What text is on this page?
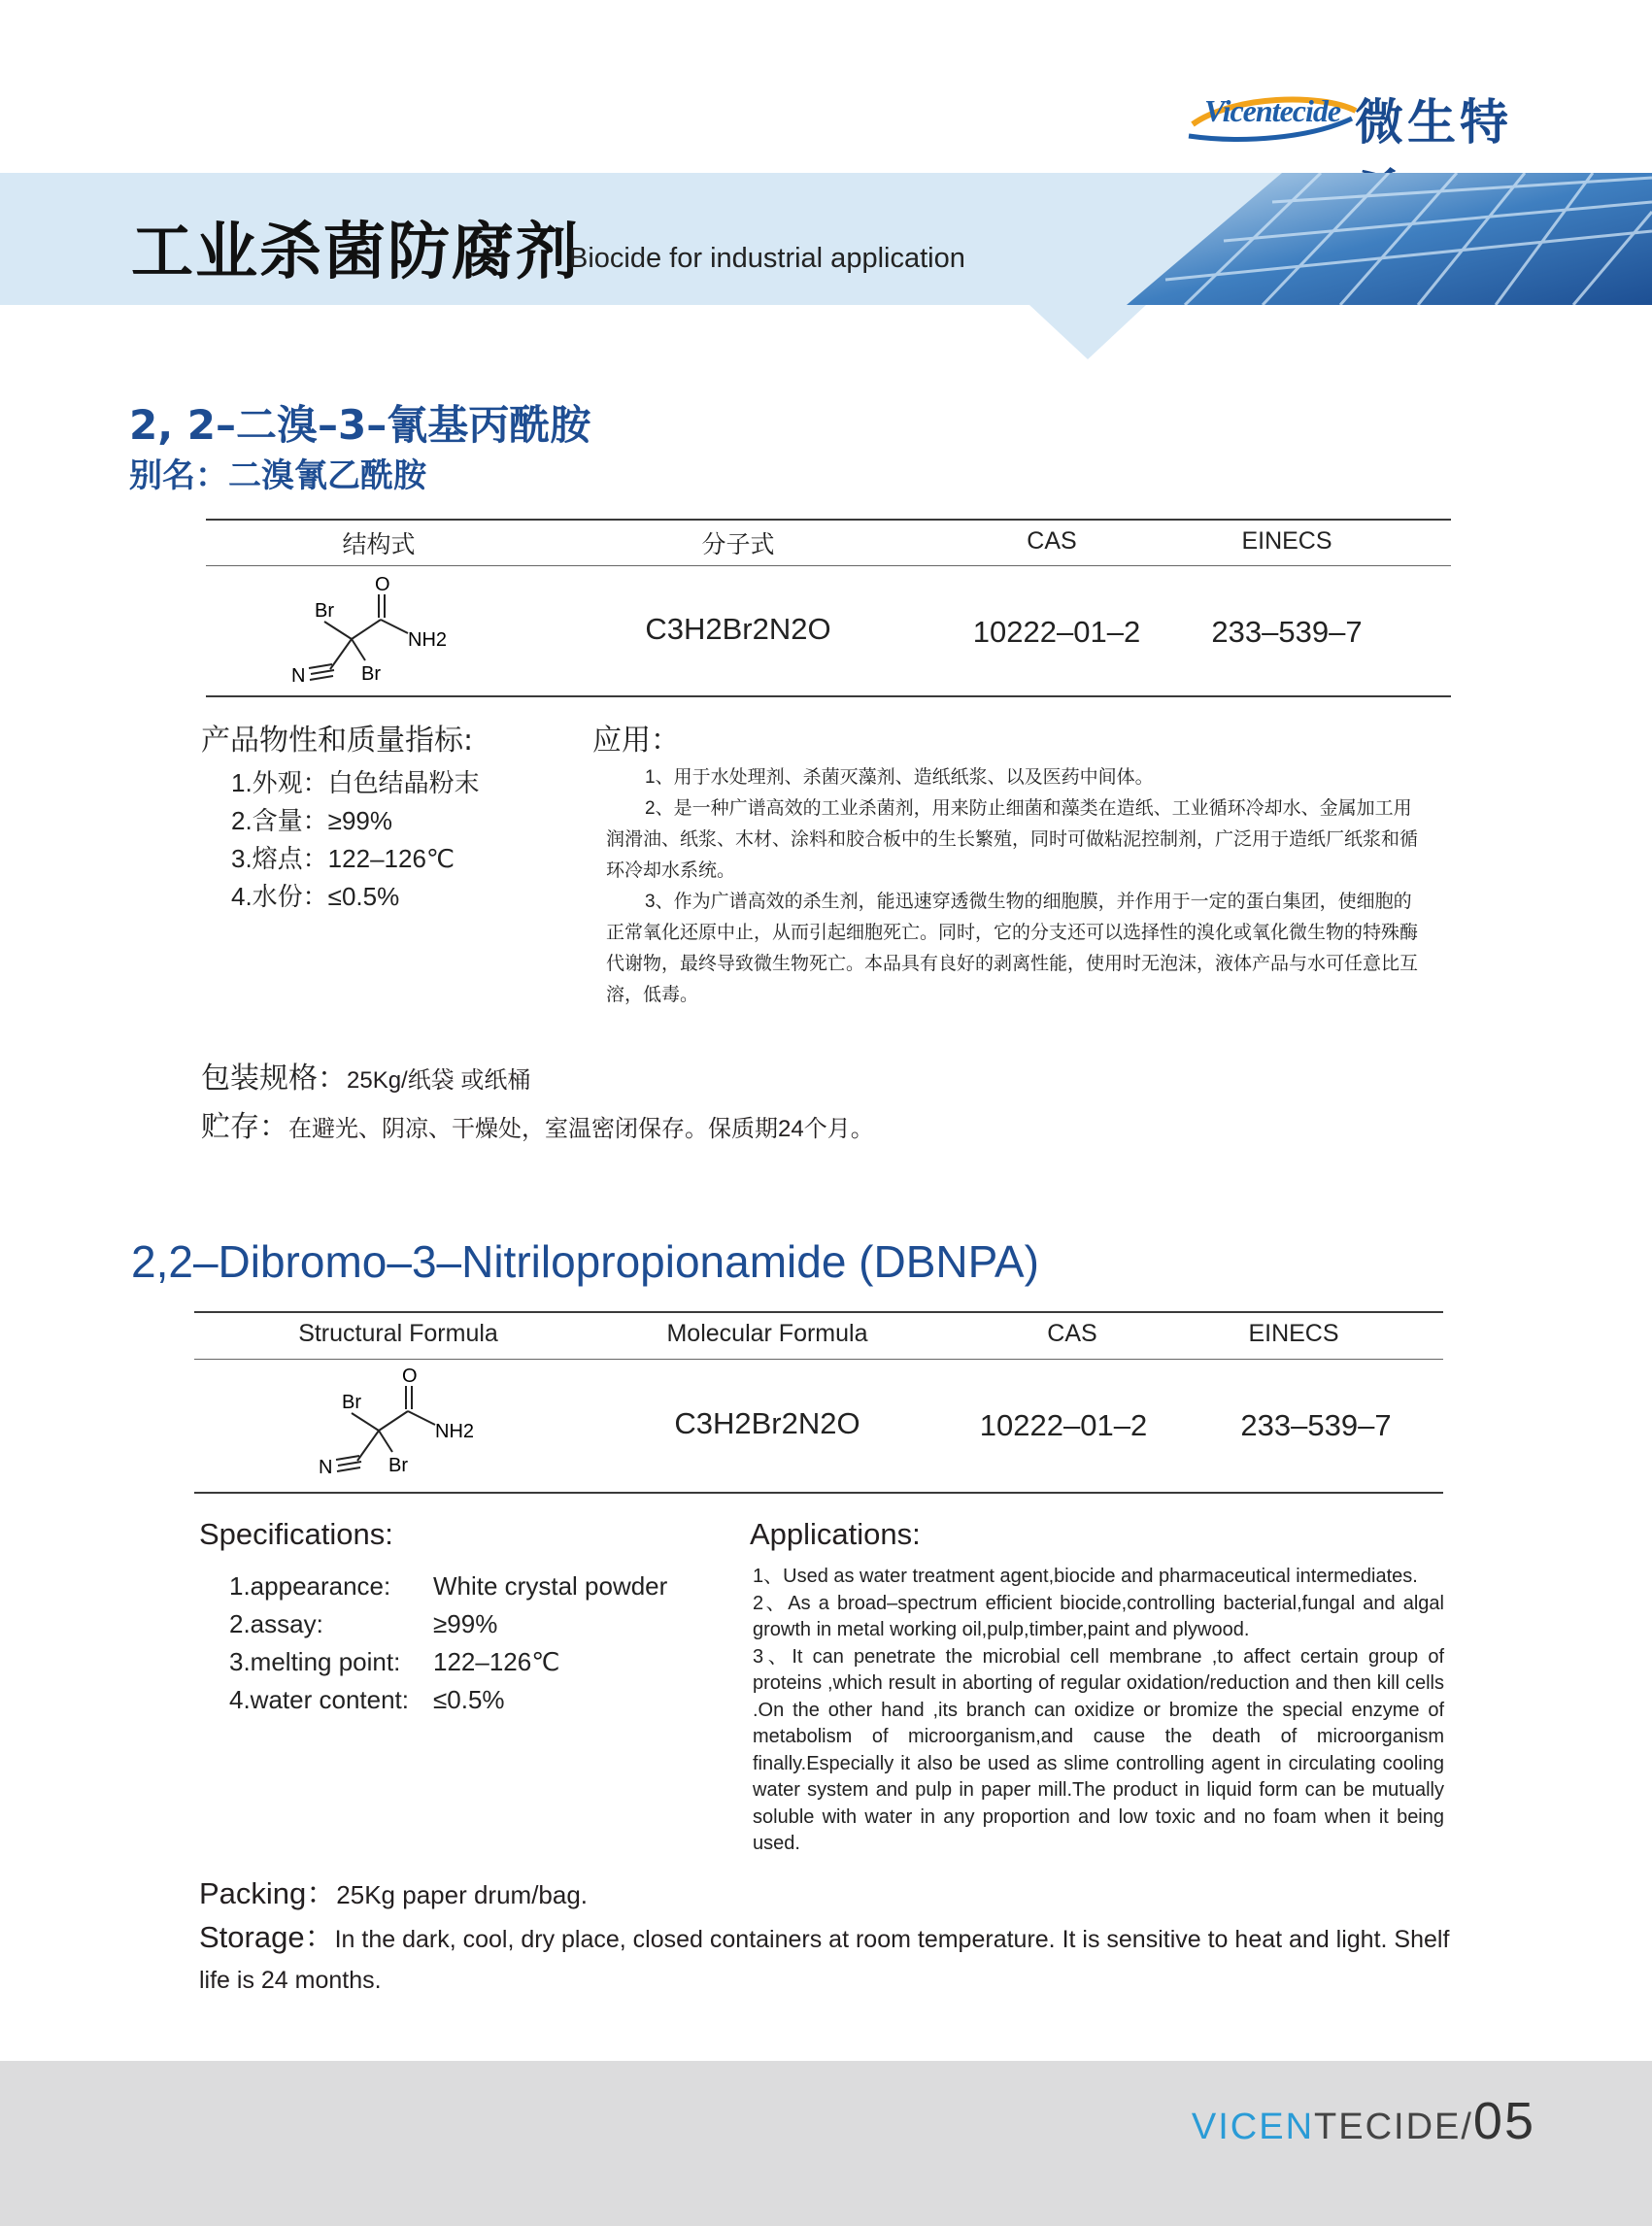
Vicentecide 微生特
工业杀菌防腐剂
Biocide for industrial application
2, 2–二溴–3–氰基丙酰胺
别名：二溴氰乙酰胺
结构式	分子式	CAS	EINECS
O
Br
NH2
N	Br
C3H2Br2N2O	10222–01–2	233–539–7
产品物性和质量指标:
1.外观：白色结晶粉末
2.含量：≥99%
3.熔点：122–126℃
4.水份：≤0.5%
应用：

1、用于水处理剂、杀菌灭藻剂、造纸纸浆、以及医药中间体。

2、是一种广谱高效的工业杀菌剂，用来防止细菌和藻类在造纸、工业循环冷却水、金属加工用润滑油、纸浆、木材、涂料和胶合板中的生长繁殖，同时可做粘泥控制剂，广泛用于造纸厂纸浆和循环冷却水系统。

3、作为广谱高效的杀生剂，能迅速穿透微生物的细胞膜，并作用于一定的蛋白集团，使细胞的正常氧化还原中止，从而引起细胞死亡。同时，它的分支还可以选择性的溴化或氧化微生物的特殊酶代谢物，最终导致微生物死亡。本品具有良好的剥离性能，使用时无泡沫，液体产品与水可任意比互溶，低毒。

包装规格：25Kg/纸袋 或纸桶
贮存：在避光、阴凉、干燥处，室温密闭保存。保质期24个月。
2,2–Dibromo–3–Nitrilopropionamide (DBNPA)
Structural Formula	Molecular Formula	CAS	EINECS
O
Br
NH2
N	Br
C3H2Br2N2O	10222–01–2	233–539–7
Specifications:
1.appearance:	White crystal powder
2.assay:	≥99%
3.melting point:	122–126℃
4.water content: ≤0.5%
Applications:

1、Used as water treatment agent,biocide and pharmaceutical intermediates.

2、As a broad–spectrum efficient biocide,controlling bacterial,fungal and algal growth in metal working oil,pulp,timber,paint and plywood.

3、It can penetrate the microbial cell membrane ,to affect certain group of proteins ,which result in aborting of regular oxidation/reduction and then kill cells .On the other hand ,its branch can oxidize or bromize the special enzyme of metabolism of microorganism,and cause the death of microorganism finally.Especially it also be used as slime controlling agent in circulating cooling water system and pulp in paper mill.The product in liquid form can be mutually soluble with water in any proportion and low toxic and no foam when it being used.

Packing：25Kg paper drum/bag.
Storage：In the dark, cool, dry place, closed containers at room temperature. It is sensitive to heat and light. Shelf life is 24 months.
VICENTECIDE/05
